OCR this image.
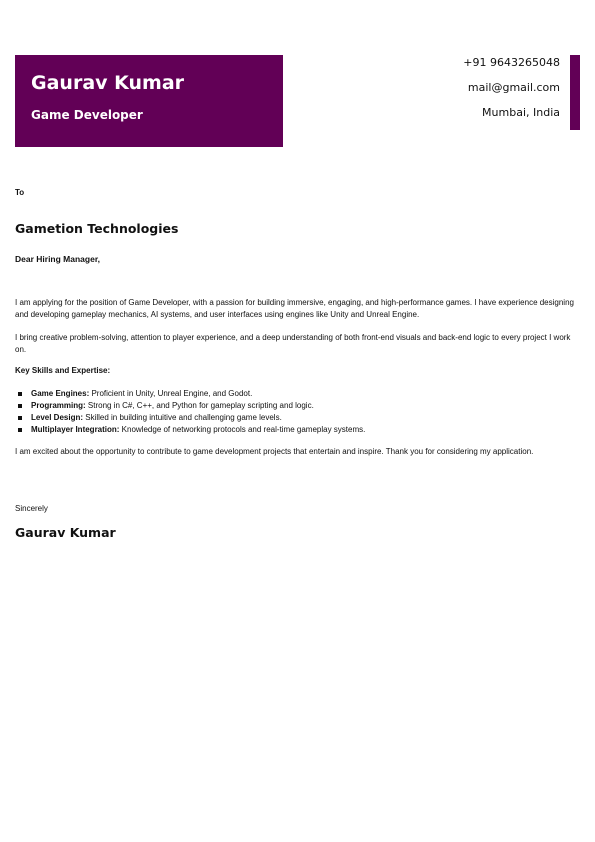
Gaurav Kumar
Game Developer
+91 9643265048
mail@gmail.com
Mumbai, India
To
Gametion Technologies
Dear Hiring Manager,

I am applying for the position of Game Developer, with a passion for building immersive, engaging, and high-performance games. I have experience designing and developing gameplay mechanics, AI systems, and user interfaces using engines like Unity and Unreal Engine.

I bring creative problem-solving, attention to player experience, and a deep understanding of both front-end visuals and back-end logic to every project I work on.

Key Skills and Expertise:
Game Engines: Proficient in Unity, Unreal Engine, and Godot.
Programming: Strong in C#, C++, and Python for gameplay scripting and logic.
Level Design: Skilled in building intuitive and challenging game levels.
Multiplayer Integration: Knowledge of networking protocols and real-time gameplay systems.

I am excited about the opportunity to contribute to game development projects that entertain and inspire. Thank you for considering my application.

Sincerely
Gaurav Kumar
